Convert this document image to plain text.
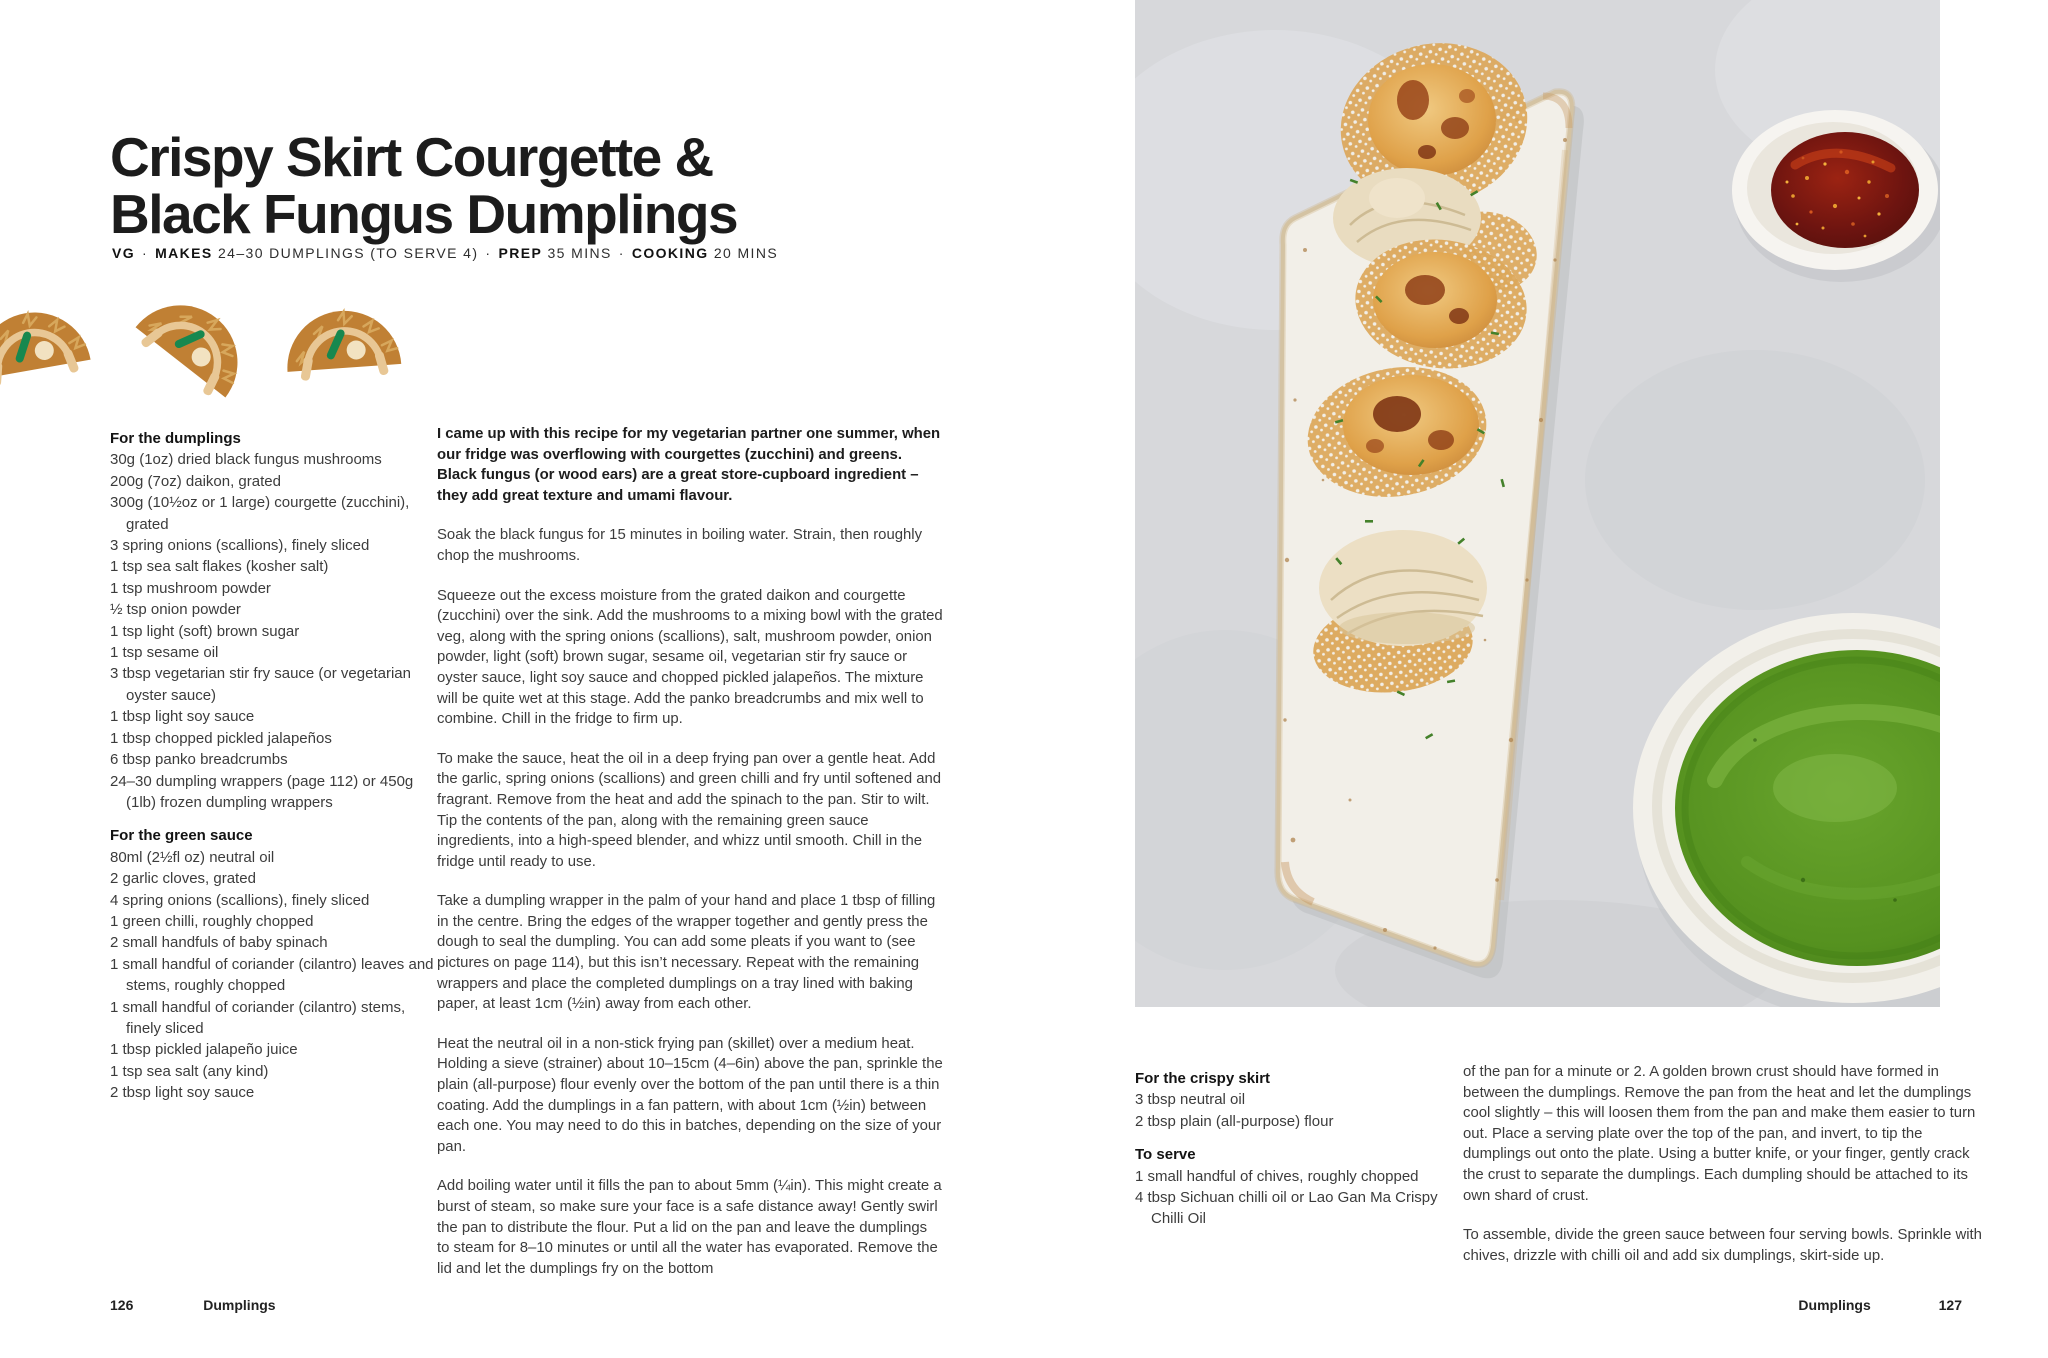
Crispy Skirt Courgette &
Black Fungus Dumplings
VG · MAKES 24–30 DUMPLINGS (TO SERVE 4) · PREP 35 MINS · COOKING 20 MINS
For the dumplings
30g (1oz) dried black fungus mushrooms
200g (7oz) daikon, grated
300g (10½oz or 1 large) courgette (zucchini), grated
3 spring onions (scallions), finely sliced
1 tsp sea salt flakes (kosher salt)
1 tsp mushroom powder
½ tsp onion powder
1 tsp light (soft) brown sugar
1 tsp sesame oil
3 tbsp vegetarian stir fry sauce (or vegetarian oyster sauce)
1 tbsp light soy sauce
1 tbsp chopped pickled jalapeños
6 tbsp panko breadcrumbs
24–30 dumpling wrappers (page 112) or 450g (1lb) frozen dumpling wrappers
For the green sauce
80ml (2½fl oz) neutral oil
2 garlic cloves, grated
4 spring onions (scallions), finely sliced
1 green chilli, roughly chopped
2 small handfuls of baby spinach
1 small handful of coriander (cilantro) leaves and stems, roughly chopped
1 small handful of coriander (cilantro) stems, finely sliced
1 tbsp pickled jalapeño juice
1 tsp sea salt (any kind)
2 tbsp light soy sauce

I came up with this recipe for my vegetarian partner one summer, when our fridge was overflowing with courgettes (zucchini) and greens. Black fungus (or wood ears) are a great store-cupboard ingredient – they add great texture and umami flavour.

Soak the black fungus for 15 minutes in boiling water. Strain, then roughly chop the mushrooms.

Squeeze out the excess moisture from the grated daikon and courgette (zucchini) over the sink. Add the mushrooms to a mixing bowl with the grated veg, along with the spring onions (scallions), salt, mushroom powder, onion powder, light (soft) brown sugar, sesame oil, vegetarian stir fry sauce or oyster sauce, light soy sauce and chopped pickled jalapeños. The mixture will be quite wet at this stage. Add the panko breadcrumbs and mix well to combine. Chill in the fridge to firm up.

To make the sauce, heat the oil in a deep frying pan over a gentle heat. Add the garlic, spring onions (scallions) and green chilli and fry until softened and fragrant. Remove from the heat and add the spinach to the pan. Stir to wilt. Tip the contents of the pan, along with the remaining green sauce ingredients, into a high-speed blender, and whizz until smooth. Chill in the fridge until ready to use.

Take a dumpling wrapper in the palm of your hand and place 1 tbsp of filling in the centre. Bring the edges of the wrapper together and gently press the dough to seal the dumpling. You can add some pleats if you want to (see pictures on page 114), but this isn’t necessary. Repeat with the remaining wrappers and place the completed dumplings on a tray lined with baking paper, at least 1cm (½in) away from each other.

Heat the neutral oil in a non-stick frying pan (skillet) over a medium heat. Holding a sieve (strainer) about 10–15cm (4–6in) above the pan, sprinkle the plain (all-purpose) flour evenly over the bottom of the pan until there is a thin coating. Add the dumplings in a fan pattern, with about 1cm (½in) between each one. You may need to do this in batches, depending on the size of your pan.

Add boiling water until it fills the pan to about 5mm (¼in). This might create a burst of steam, so make sure your face is a safe distance away! Gently swirl the pan to distribute the flour. Put a lid on the pan and leave the dumplings to steam for 8–10 minutes or until all the water has evaporated. Remove the lid and let the dumplings fry on the bottom

126	Dumplings
For the crispy skirt
3 tbsp neutral oil
2 tbsp plain (all-purpose) flour
To serve
1 small handful of chives, roughly chopped
4 tbsp Sichuan chilli oil or Lao Gan Ma Crispy Chilli Oil

of the pan for a minute or 2. A golden brown crust should have formed in between the dumplings. Remove the pan from the heat and let the dumplings cool slightly – this will loosen them from the pan and make them easier to turn out. Place a serving plate over the top of the pan, and invert, to tip the dumplings out onto the plate. Using a butter knife, or your finger, gently crack the crust to separate the dumplings. Each dumpling should be attached to its own shard of crust.

To assemble, divide the green sauce between four serving bowls. Sprinkle with chives, drizzle with chilli oil and add six dumplings, skirt-side up.

Dumplings	127
